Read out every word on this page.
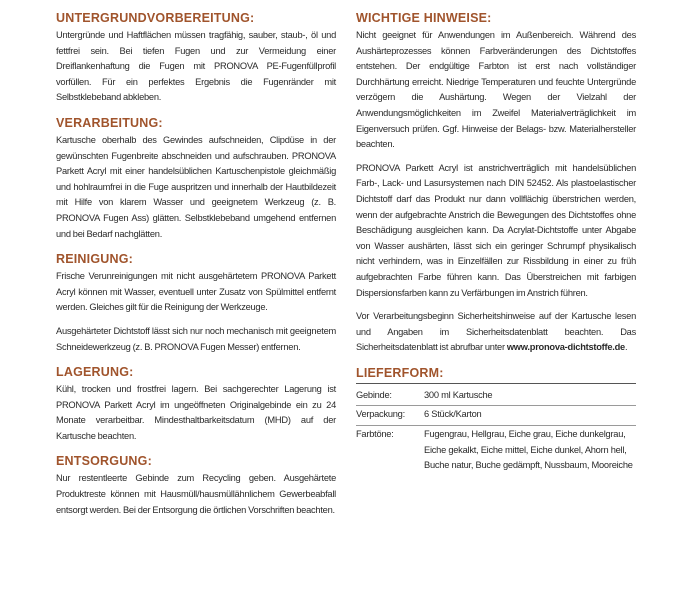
UNTERGRUNDVORBEREITUNG:

Untergründe und Haftflächen müssen tragfähig, sauber, staub-, öl und fettfrei sein. Bei tiefen Fugen und zur Vermeidung einer Dreiflankenhaftung die Fugen mit PRONOVA PE-Fugenfüllprofil vorfüllen. Für ein perfektes Ergebnis die Fugenränder mit Selbstklebeband abkleben.

VERARBEITUNG:

Kartusche oberhalb des Gewindes aufschneiden, Clipdüse in der gewünschten Fugenbreite abschneiden und aufschrauben. PRONOVA Parkett Acryl mit einer handelsüblichen Kartuschenpistole gleichmäßig und hohlraumfrei in die Fuge auspritzen und innerhalb der Hautbildezeit mit Hilfe von klarem Wasser und geeignetem Werkzeug (z. B. PRONOVA Fugen Ass) glätten. Selbstklebeband umgehend entfernen und bei Bedarf nachglätten.

REINIGUNG:

Frische Verunreinigungen mit nicht ausgehärtetem PRONOVA Parkett Acryl können mit Wasser, eventuell unter Zusatz von Spülmittel entfernt werden. Gleiches gilt für die Reinigung der Werkzeuge.

Ausgehärteter Dichtstoff lässt sich nur noch mechanisch mit geeignetem Schneidewerkzeug (z. B. PRONOVA Fugen Messer) entfernen.

LAGERUNG:

Kühl, trocken und frostfrei lagern. Bei sachgerechter Lagerung ist PRONOVA Parkett Acryl im ungeöffneten Originalgebinde ein zu 24 Monate verarbeitbar. Mindesthaltbarkeitsdatum (MHD) auf der Kartusche beachten.

ENTSORGUNG:

Nur restentleerte Gebinde zum Recycling geben. Ausgehärtete Produktreste können mit Hausmüll/hausmüllähnlichem Gewerbeabfall entsorgt werden. Bei der Entsorgung die örtlichen Vorschriften beachten.

WICHTIGE HINWEISE:

Nicht geeignet für Anwendungen im Außenbereich. Während des Aushärteprozesses können Farbveränderungen des Dichtstoffes entstehen. Der endgültige Farbton ist erst nach vollständiger Durchhärtung erreicht. Niedrige Temperaturen und feuchte Untergründe verzögern die Aushärtung. Wegen der Vielzahl der Anwendungsmöglichkeiten im Zweifel Materialverträglichkeit im Eigenversuch prüfen. Ggf. Hinweise der Belags- bzw. Materialhersteller beachten.

PRONOVA Parkett Acryl ist anstrichverträglich mit handelsüblichen Farb-, Lack- und Lasursystemen nach DIN 52452. Als plastoelastischer Dichtstoff darf das Produkt nur dann vollflächig überstrichen werden, wenn der aufgebrachte Anstrich die Bewegungen des Dichtstoffes ohne Beschädigung ausgleichen kann. Da Acrylat-Dichtstoffe unter Abgabe von Wasser aushärten, lässt sich ein geringer Schrumpf physikalisch nicht verhindern, was in Einzelfällen zur Rissbildung in einer zu früh aufgebrachten Farbe führen kann. Das Überstreichen mit farbigen Dispersionsfarben kann zu Verfärbungen im Anstrich führen.

Vor Verarbeitungsbeginn Sicherheitshinweise auf der Kartusche lesen und Angaben im Sicherheitsdatenblatt beachten. Das Sicherheitsdatenblatt ist abrufbar unter www.pronova-dichtstoffe.de.

LIEFERFORM:
Gebinde:	300 ml Kartusche
Verpackung:	6 Stück/Karton
Farbtöne:	Fugengrau, Hellgrau, Eiche grau, Eiche dunkelgrau, Eiche gekalkt, Eiche mittel, Eiche dunkel, Ahorn hell, Buche natur, Buche gedämpft, Nussbaum, Mooreiche
